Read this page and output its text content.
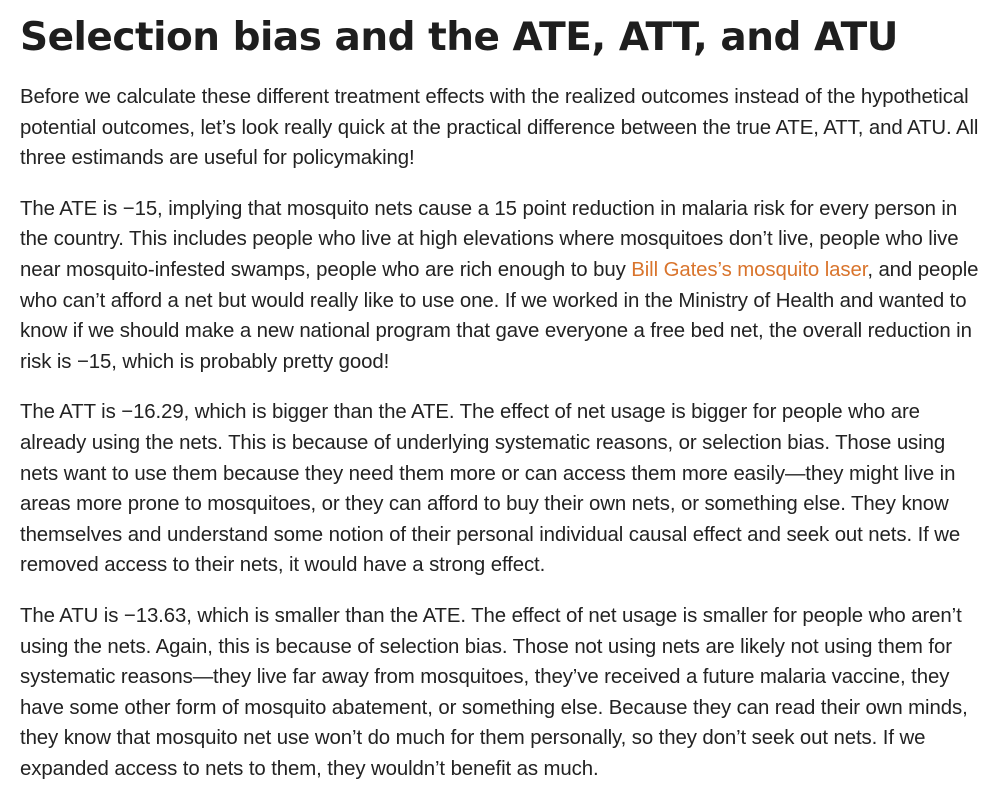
Selection bias and the ATE, ATT, and ATU

Before we calculate these different treatment effects with the realized outcomes instead of the hypothetical potential outcomes, let’s look really quick at the practical difference between the true ATE, ATT, and ATU. All three estimands are useful for policymaking!

The ATE is −15, implying that mosquito nets cause a 15 point reduction in malaria risk for every person in the country. This includes people who live at high elevations where mosquitoes don’t live, people who live near mosquito-infested swamps, people who are rich enough to buy Bill Gates’s mosquito laser, and people who can’t afford a net but would really like to use one. If we worked in the Ministry of Health and wanted to know if we should make a new national program that gave everyone a free bed net, the overall reduction in risk is −15, which is probably pretty good!

The ATT is −16.29, which is bigger than the ATE. The effect of net usage is bigger for people who are already using the nets. This is because of underlying systematic reasons, or selection bias. Those using nets want to use them because they need them more or can access them more easily—they might live in areas more prone to mosquitoes, or they can afford to buy their own nets, or something else. They know themselves and understand some notion of their personal individual causal effect and seek out nets. If we removed access to their nets, it would have a strong effect.

The ATU is −13.63, which is smaller than the ATE. The effect of net usage is smaller for people who aren’t using the nets. Again, this is because of selection bias. Those not using nets are likely not using them for systematic reasons—they live far away from mosquitoes, they’ve received a future malaria vaccine, they have some other form of mosquito abatement, or something else. Because they can read their own minds, they know that mosquito net use won’t do much for them personally, so they don’t seek out nets. If we expanded access to nets to them, they wouldn’t benefit as much.
